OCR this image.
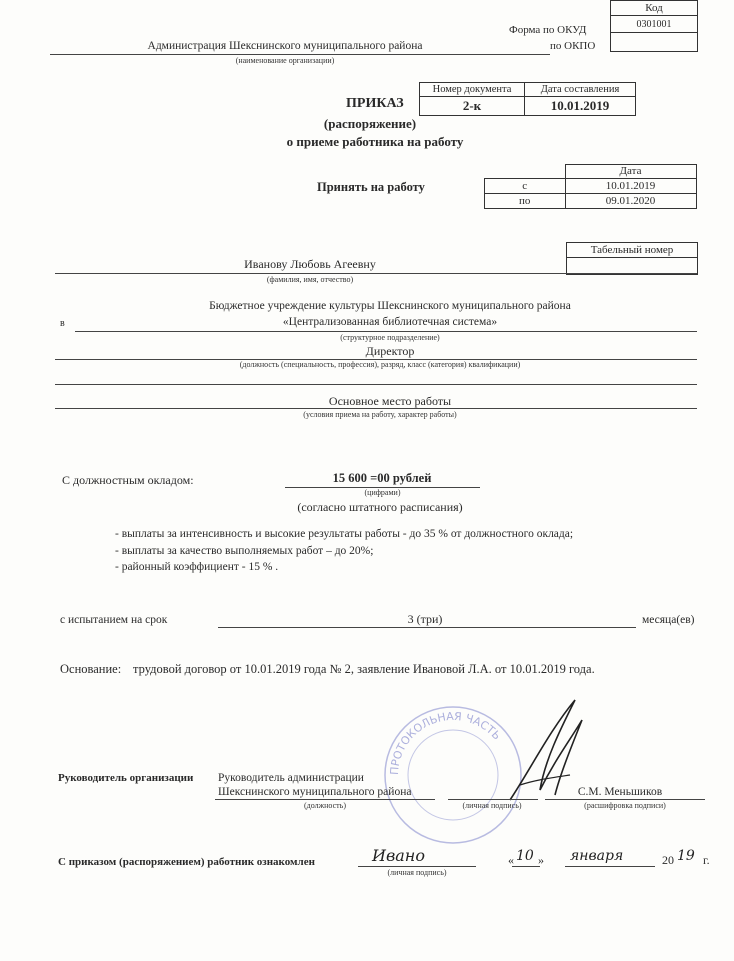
Код
0301001

Форма по ОКУД
по ОКПО
Администрация Шекснинского муниципального района
(наименование организации)
Номер документа	Дата составления
2-к	10.01.2019
ПРИКАЗ
(распоряжение)
о приеме работника на работу
Принять на работу
	Дата
с	10.01.2019
по	09.01.2020
Табельный номер

Иванову Любовь Агеевну
(фамилия, имя, отчество)
в
Бюджетное учреждение культуры Шекснинского муниципального района
«Централизованная библиотечная система»
(структурное подразделение)
Директор
(должность (специальность, профессия), разряд, класс (категория) квалификации)
Основное место работы
(условия приема на работу, характер работы)
С должностным окладом:	15 600 =00 рублей
(цифрами)
(согласно штатного расписания)
- выплаты за интенсивность и высокие результаты работы - до 35 % от должностного оклада;
- выплаты за качество выполняемых работ – до 20%;
- районный коэффициент - 15 % .
с испытанием на срок	3 (три)	месяца(ев)
Основание: трудовой договор от 10.01.2019 года № 2, заявление Ивановой Л.А. от 10.01.2019 года.
ПРОТОКОЛЬНАЯ ЧАСТЬ
Руководитель организации Руководитель администрации
Шекснинского муниципального района
(должность)	(личная подпись)
С.М. Меньшиков
(расшифровка подписи)
С приказом (распоряжением) работник ознакомлен	Ивано
(личная подпись)
« 10 » января	20 19 г.
